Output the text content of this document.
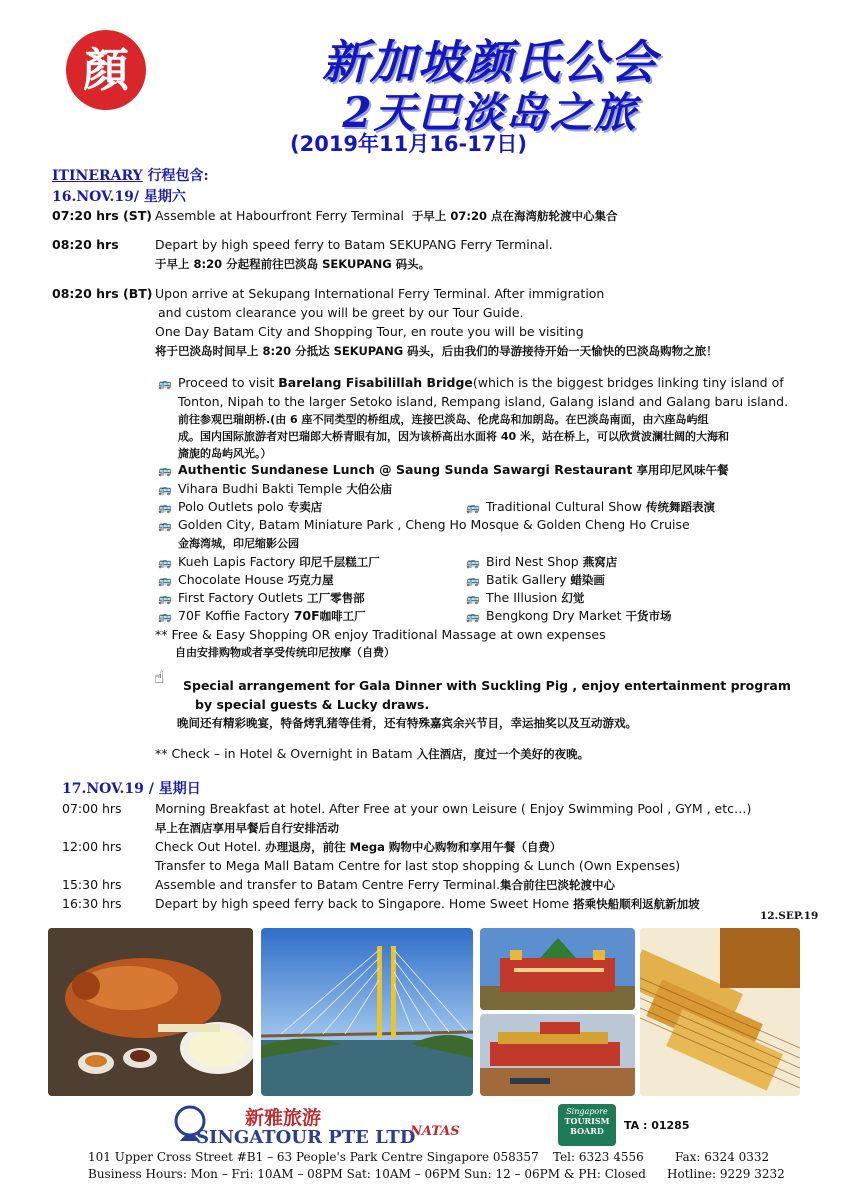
顏	新加坡颜氏公会
2天巴淡岛之旅
(2019年11月16-17日)
ITINERARY 行程包含:
16.NOV.19/ 星期六
07:20 hrs (ST) Assemble at Habourfront Ferry Terminal 于早上 07:20 点在海湾舫轮渡中心集合
08:20 hrs	Depart by high speed ferry to Batam SEKUPANG Ferry Terminal.
于早上 8:20 分起程前往巴淡岛 SEKUPANG 码头。
08:20 hrs (BT) Upon arrive at Sekupang International Ferry Terminal. After immigration
and custom clearance you will be greet by our Tour Guide.
One Day Batam City and Shopping Tour, en route you will be visiting
将于巴淡岛时间早上 8:20 分抵达 SEKUPANG 码头，后由我们的导游接待开始一天愉快的巴淡岛购物之旅！
🚌 Proceed to visit Barelang Fisabilillah Bridge(which is the biggest bridges linking tiny island of
Tonton, Nipah to the larger Setoko island, Rempang island, Galang island and Galang baru island.
前往参观巴瑞朗桥.(由 6 座不同类型的桥组成，连接巴淡岛、伦虎岛和加朗岛。在巴淡岛南面，由六座岛屿组
成。国内国际旅游者对巴瑞郎大桥青眼有加，因为该桥高出水面将 40 米，站在桥上，可以欣赏波澜壮阔的大海和
旖旎的岛屿风光。）
🚌 Authentic Sundanese Lunch @ Saung Sunda Sawargi Restaurant 享用印尼风味午餐
🚌 Vihara Budhi Bakti Temple 大伯公庙
🚌 Polo Outlets polo 专卖店	🚌 Traditional Cultural Show 传统舞蹈表演
🚌 Golden City, Batam Miniature Park , Cheng Ho Mosque & Golden Cheng Ho Cruise
金海湾城，印尼缩影公园
🚌 Kueh Lapis Factory 印尼千层糕工厂	🚌 Bird Nest Shop 燕窝店
🚌 Chocolate House 巧克力屋	🚌 Batik Gallery 蜡染画
🚌 First Factory Outlets 工厂零售部	🚌 The Illusion 幻觉
🚌 70F Koffie Factory 70F咖啡工厂	🚌 Bengkong Dry Market 干货市场
** Free & Easy Shopping OR enjoy Traditional Massage at own expenses
自由安排购物或者享受传统印尼按摩（自费）
☝ Special arrangement for Gala Dinner with Suckling Pig , enjoy entertainment program
by special guests & Lucky draws.
晚间还有精彩晚宴，特备烤乳猪等佳肴，还有特殊嘉宾余兴节目，幸运抽奖以及互动游戏。
** Check – in Hotel & Overnight in Batam 入住酒店，度过一个美好的夜晚。
17.NOV.19 / 星期日
07:00 hrs	Morning Breakfast at hotel. After Free at your own Leisure ( Enjoy Swimming Pool , GYM , etc…)
早上在酒店享用早餐后自行安排活动
12:00 hrs	Check Out Hotel. 办理退房，前往 Mega 购物中心购物和享用午餐（自费）
Transfer to Mega Mall Batam Centre for last stop shopping & Lunch (Own Expenses)
15:30 hrs	Assemble and transfer to Batam Centre Ferry Terminal.集合前往巴淡轮渡中心
16:30 hrs	Depart by high speed ferry back to Singapore. Home Sweet Home 搭乘快船顺利返航新加坡
12.SEP.19
新雅旅游
SINGATOUR PTE LTD
NATAS
Singapore
TOURISM
BOARD	TA : 01285
101 Upper Cross Street #B1 – 63 People's Park Centre Singapore 058357 Tel: 6323 4556	Fax: 6324 0332
Business Hours: Mon – Fri: 10AM – 08PM Sat: 10AM – 06PM Sun: 12 – 06PM & PH: Closed Hotline: 9229 3232
